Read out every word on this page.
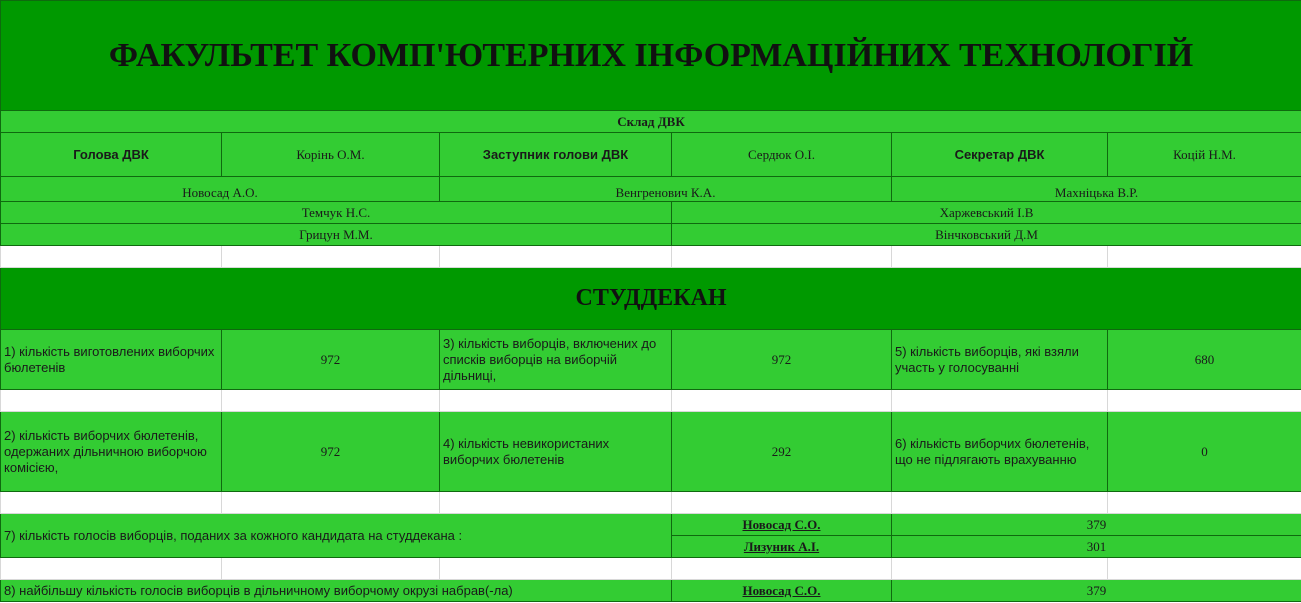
ФАКУЛЬТЕТ КОМП'ЮТЕРНИХ ІНФОРМАЦІЙНИХ ТЕХНОЛОГІЙ					
Склад ДВК					
Голова ДВК	Корінь О.М.	Заступник голови ДВК	Сердюк О.І.	Секретар ДВК	Коцій Н.М.
Новосад А.О.		Венгренович К.А.		Махніцька В.Р.	
Темчук Н.С.			Харжевський І.В		
Грицун М.М.			Вінчковський Д.М		

СТУДДЕКАН					
1) кількість виготовлених виборчих бюлетенів	972	3) кількість виборців, включених до списків виборців на виборчій дільниці,	972	5) кількість виборців, які взяли участь у голосуванні	680

2) кількість виборчих бюлетенів, одержаних дільничною виборчою комісією,	972	4) кількість невикористаних виборчих бюлетенів	292	6) кількість виборчих бюлетенів, що не підлягають врахуванню	0

7) кількість голосів виборців, поданих за кожного кандидата на студдекана :			Новосад С.О.	379	
			Лизуник А.І.	301	

8) найбільшу кількість голосів виборців в дільничному виборчому окрузі набрав(-ла)			Новосад С.О.	379	
